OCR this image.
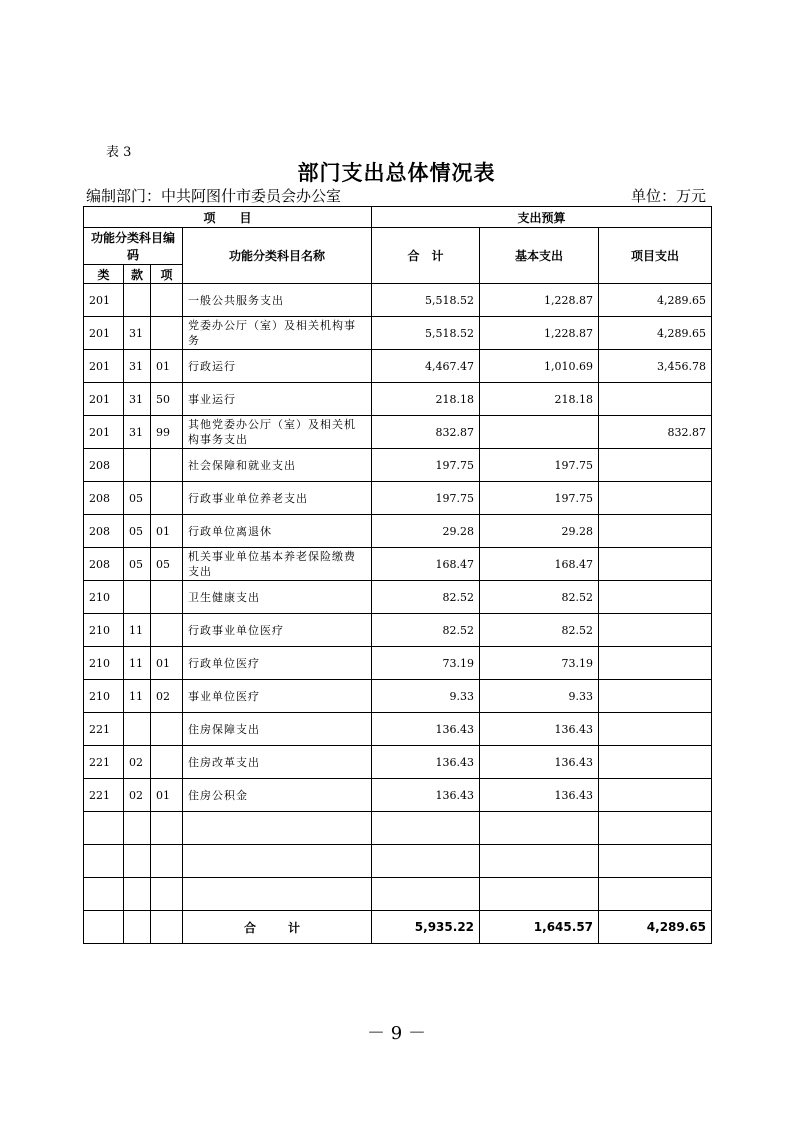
表 3
部门支出总体情况表
编制部门：中共阿图什市委员会办公室	单位：万元
项　　目				支出预算		
功能分类科目编码			功能分类科目名称	合　计	基本支出	项目支出
类	款	项				
201			一般公共服务支出	5,518.52	1,228.87	4,289.65
201	31		党委办公厅（室）及相关机构事务	5,518.52	1,228.87	4,289.65
201	31	01	行政运行	4,467.47	1,010.69	3,456.78
201	31	50	事业运行	218.18	218.18	
201	31	99	其他党委办公厅（室）及相关机构事务支出	832.87		832.87
208			社会保障和就业支出	197.75	197.75	
208	05		行政事业单位养老支出	197.75	197.75	
208	05	01	行政单位离退休	29.28	29.28	
208	05	05	机关事业单位基本养老保险缴费支出	168.47	168.47	
210			卫生健康支出	82.52	82.52	
210	11		行政事业单位医疗	82.52	82.52	
210	11	01	行政单位医疗	73.19	73.19	
210	11	02	事业单位医疗	9.33	9.33	
221			住房保障支出	136.43	136.43	
221	02		住房改革支出	136.43	136.43	
221	02	01	住房公积金	136.43	136.43	

			合　计	5,935.22	1,645.57	4,289.65
－ 9 －
